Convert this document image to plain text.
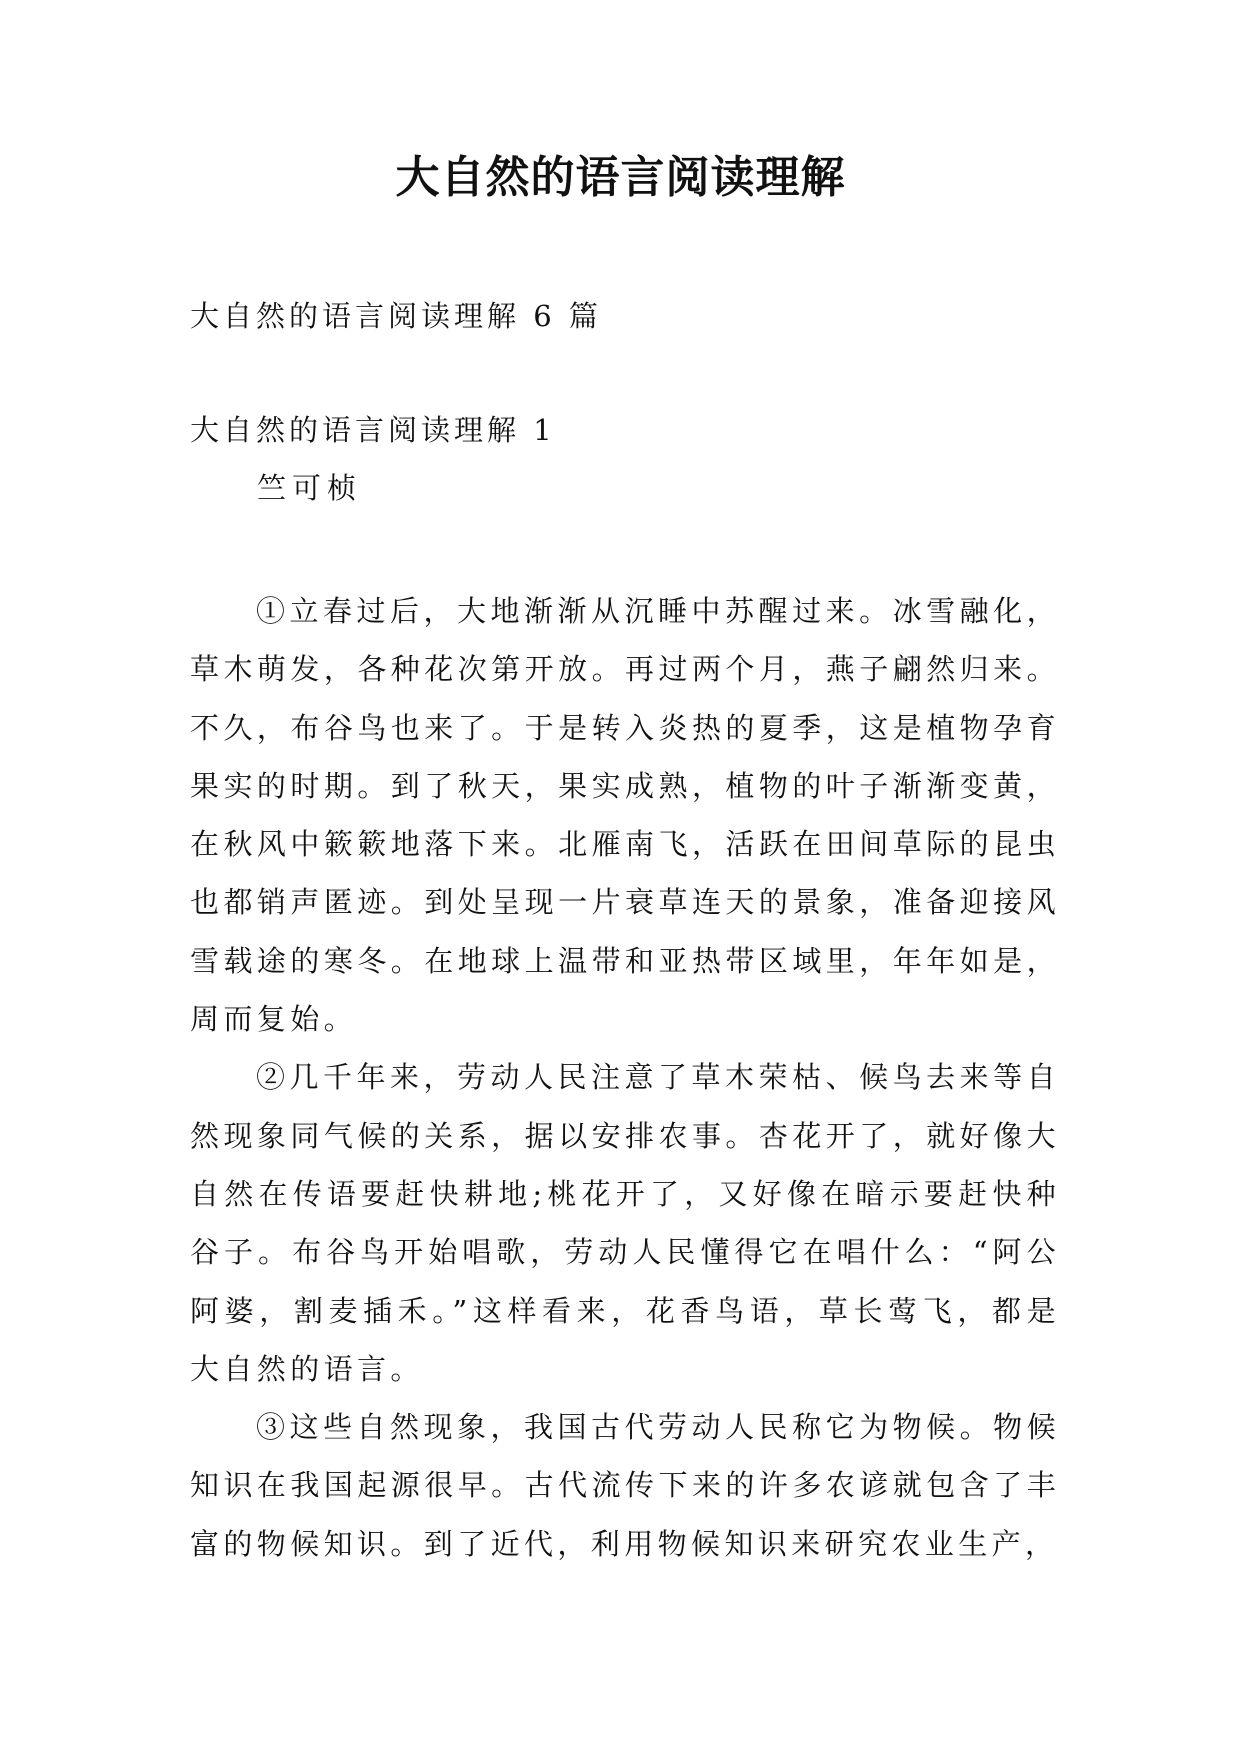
大自然的语言阅读理解

大自然的语言阅读理解 6 篇

大自然的语言阅读理解 1

竺可桢

①立春过后，大地渐渐从沉睡中苏醒过来。冰雪融化，草木萌发，各种花次第开放。再过两个月，燕子翩然归来。不久，布谷鸟也来了。于是转入炎热的夏季，这是植物孕育果实的时期。到了秋天，果实成熟，植物的叶子渐渐变黄，在秋风中簌簌地落下来。北雁南飞，活跃在田间草际的昆虫也都销声匿迹。到处呈现一片衰草连天的景象，准备迎接风雪载途的寒冬。在地球上温带和亚热带区域里，年年如是，周而复始。

②几千年来，劳动人民注意了草木荣枯、候鸟去来等自然现象同气候的关系，据以安排农事。杏花开了，就好像大自然在传语要赶快耕地;桃花开了，又好像在暗示要赶快种谷子。布谷鸟开始唱歌，劳动人民懂得它在唱什么：“阿公阿婆，割麦插禾。”这样看来，花香鸟语，草长莺飞，都是大自然的语言。

③这些自然现象，我国古代劳动人民称它为物候。物候知识在我国起源很早。古代流传下来的许多农谚就包含了丰富的物候知识。到了近代，利用物候知识来研究农业生产，
